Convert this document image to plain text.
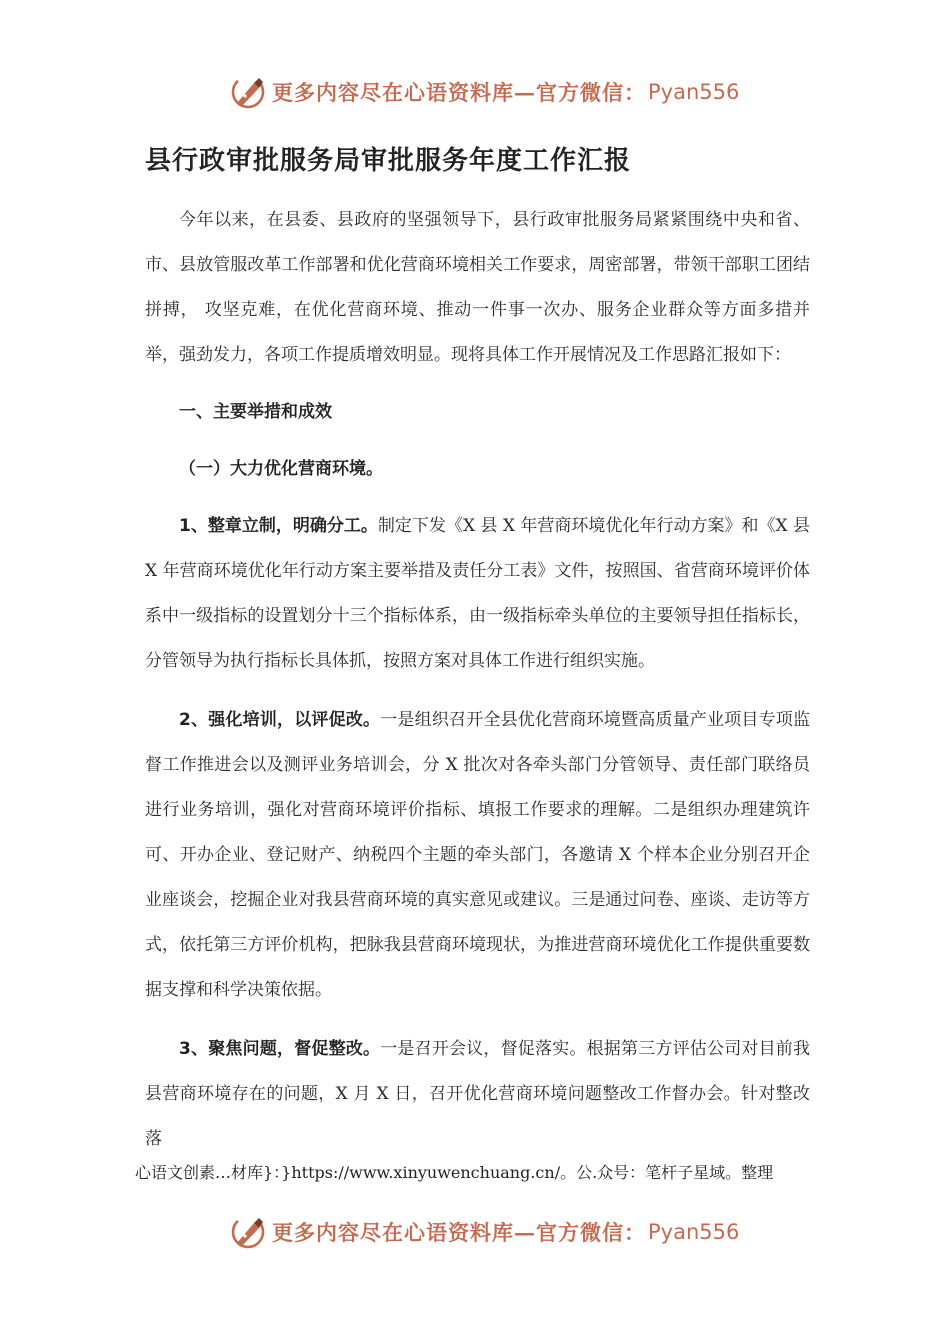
更多内容尽在心语资料库—官方微信： Pyan556
县行政审批服务局审批服务年度工作汇报

今年以来，在县委、县政府的坚强领导下，县行政审批服务局紧紧围绕中央和省、市、县放管服改革工作部署和优化营商环境相关工作要求，周密部署，带领干部职工团结拼搏， 攻坚克难，在优化营商环境、推动一件事一次办、服务企业群众等方面多措并举，强劲发力，各项工作提质增效明显。现将具体工作开展情况及工作思路汇报如下：

一、主要举措和成效

（一）大力优化营商环境。

1、整章立制，明确分工。制定下发《X 县 X 年营商环境优化年行动方案》和《X 县 X 年营商环境优化年行动方案主要举措及责任分工表》文件，按照国、省营商环境评价体系中一级指标的设置划分十三个指标体系，由一级指标牵头单位的主要领导担任指标长，分管领导为执行指标长具体抓，按照方案对具体工作进行组织实施。

2、强化培训，以评促改。一是组织召开全县优化营商环境暨高质量产业项目专项监督工作推进会以及测评业务培训会，分 X 批次对各牵头部门分管领导、责任部门联络员进行业务培训，强化对营商环境评价指标、填报工作要求的理解。二是组织办理建筑许可、开办企业、登记财产、纳税四个主题的牵头部门，各邀请 X 个样本企业分别召开企业座谈会，挖掘企业对我县营商环境的真实意见或建议。三是通过问卷、座谈、走访等方式，依托第三方评价机构，把脉我县营商环境现状，为推进营商环境优化工作提供重要数据支撑和科学决策依据。

3、聚焦问题，督促整改。一是召开会议，督促落实。根据第三方评估公司对目前我县营商环境存在的问题，X 月 X 日，召开优化营商环境问题整改工作督办会。针对整改落

心语文创素…材库}：}https://www.xinyuwenchuang.cn/。公.众号：笔杆子星域。整理
更多内容尽在心语资料库—官方微信： Pyan556
